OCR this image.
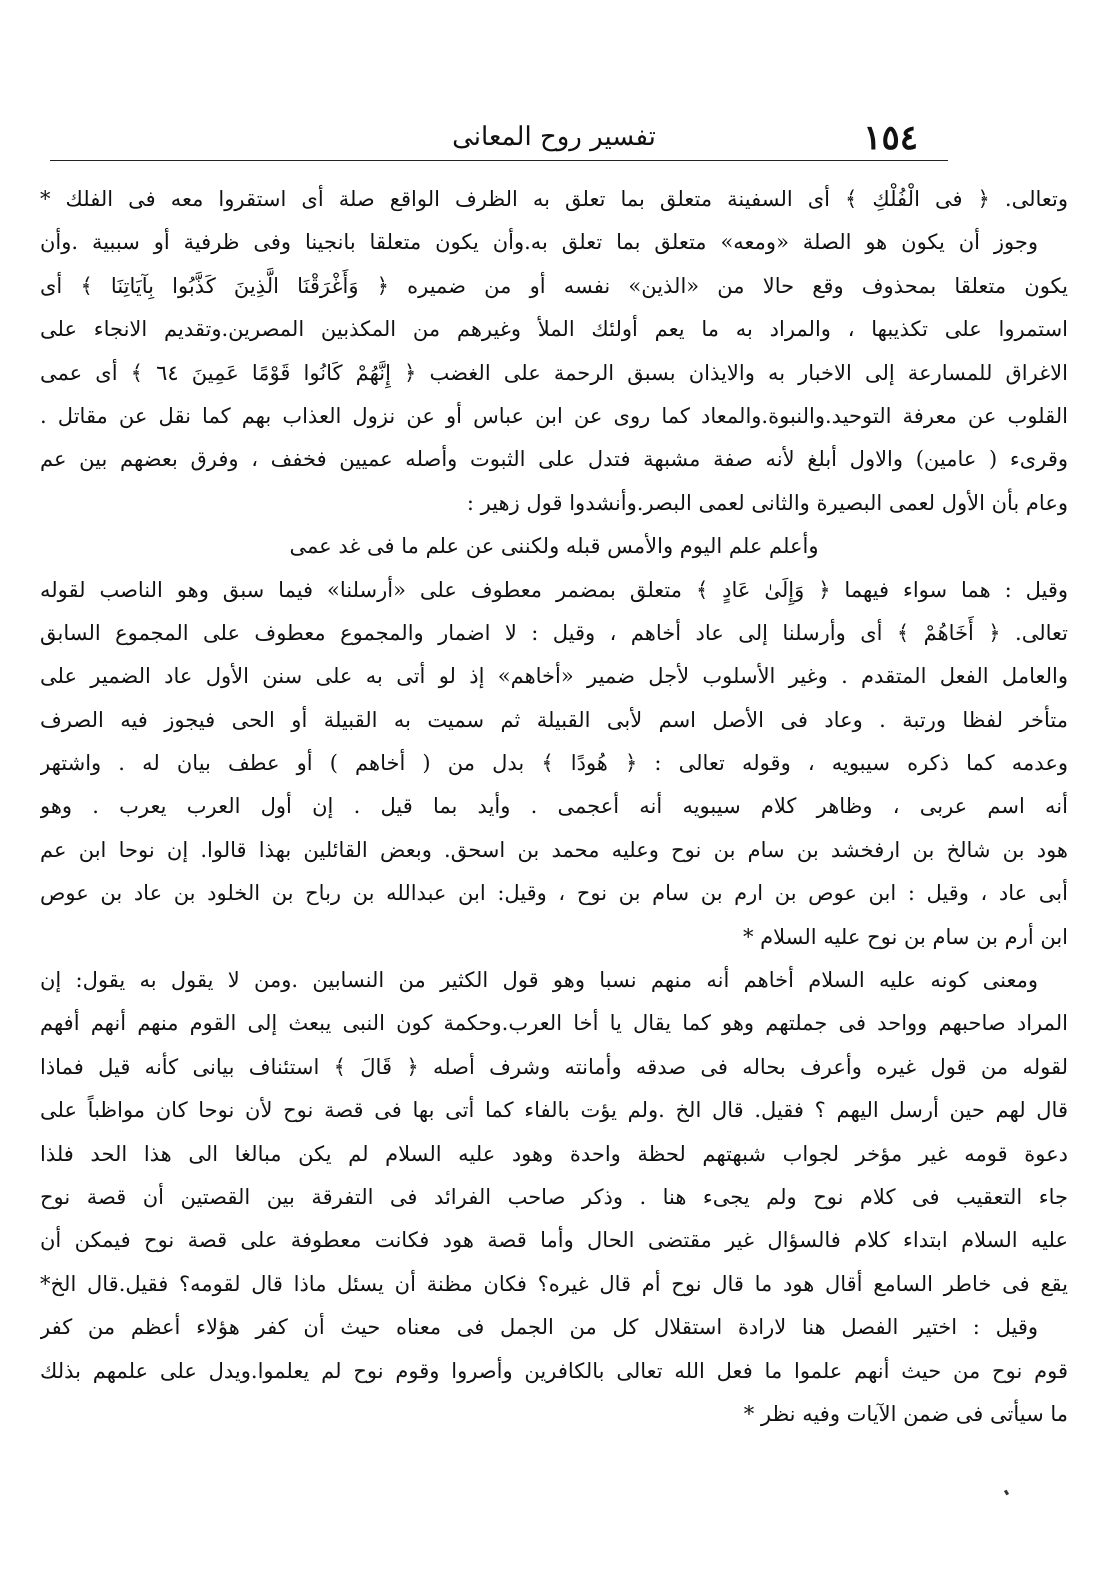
١٥٤
تفسير روح المعانى
وتعالى. ﴿ فى الْفُلْكِ ﴾ أى السفينة متعلق بما تعلق به الظرف الواقع صلة أى استقروا معه فى الفلك *
وجوز أن يكون هو الصلة «ومعه» متعلق بما تعلق به.وأن يكون متعلقا بانجينا وفى ظرفية أو سببية .وأن
يكون متعلقا بمحذوف وقع حالا من «الذين» نفسه أو من ضميره ﴿ وَأَغْرَقْنَا الَّذِينَ كَذَّبُوا بِآيَاتِنَا ﴾ أى
استمروا على تكذيبها ، والمراد به ما يعم أولئك الملأ وغيرهم من المكذبين المصرين.وتقديم الانجاء على
الاغراق للمسارعة إلى الاخبار به والايذان بسبق الرحمة على الغضب ﴿ إِنَّهُمْ كَانُوا قَوْمًا عَمِينَ ٦٤ ﴾ أى عمى
القلوب عن معرفة التوحيد.والنبوة.والمعاد كما روى عن ابن عباس أو عن نزول العذاب بهم كما نقل عن مقاتل .
وقرىء ( عامين) والاول أبلغ لأنه صفة مشبهة فتدل على الثبوت وأصله عميين فخفف ، وفرق بعضهم بين عم
وعام بأن الأول لعمى البصيرة والثانى لعمى البصر.وأنشدوا قول زهير :
وأعلم علم اليوم والأمس قبله ولكننى عن علم ما فى غد عمى
وقيل : هما سواء فيهما ﴿ وَإِلَىٰ عَادٍ ﴾ متعلق بمضمر معطوف على «أرسلنا» فيما سبق وهو الناصب لقوله
تعالى. ﴿ أَخَاهُمْ ﴾ أى وأرسلنا إلى عاد أخاهم ، وقيل : لا اضمار والمجموع معطوف على المجموع السابق
والعامل الفعل المتقدم . وغير الأسلوب لأجل ضمير «أخاهم» إذ لو أتى به على سنن الأول عاد الضمير على
متأخر لفظا ورتبة . وعاد فى الأصل اسم لأبى القبيلة ثم سميت به القبيلة أو الحى فيجوز فيه الصرف
وعدمه كما ذكره سيبويه ، وقوله تعالى : ﴿ هُودًا ﴾ بدل من ( أخاهم ) أو عطف بيان له . واشتهر
أنه اسم عربى ، وظاهر كلام سيبويه أنه أعجمى . وأيد بما قيل . إن أول العرب يعرب . وهو
هود بن شالخ بن ارفخشد بن سام بن نوح وعليه محمد بن اسحق. وبعض القائلين بهذا قالوا. إن نوحا ابن عم
أبى عاد ، وقيل : ابن عوص بن ارم بن سام بن نوح ، وقيل: ابن عبدالله بن رباح بن الخلود بن عاد بن عوص
ابن أرم بن سام بن نوح عليه السلام *
ومعنى كونه عليه السلام أخاهم أنه منهم نسبا وهو قول الكثير من النسابين .ومن لا يقول به يقول: إن
المراد صاحبهم وواحد فى جملتهم وهو كما يقال يا أخا العرب.وحكمة كون النبى يبعث إلى القوم منهم أنهم أفهم
لقوله من قول غيره وأعرف بحاله فى صدقه وأمانته وشرف أصله ﴿ قَالَ ﴾ استئناف بيانى كأنه قيل فماذا
قال لهم حين أرسل اليهم ؟ فقيل. قال الخ .ولم يؤت بالفاء كما أتى بها فى قصة نوح لأن نوحا كان مواظباً على
دعوة قومه غير مؤخر لجواب شبهتهم لحظة واحدة وهود عليه السلام لم يكن مبالغا الى هذا الحد فلذا
جاء التعقيب فى كلام نوح ولم يجىء هنا . وذكر صاحب الفرائد فى التفرقة بين القصتين أن قصة نوح
عليه السلام ابتداء كلام فالسؤال غير مقتضى الحال وأما قصة هود فكانت معطوفة على قصة نوح فيمكن أن
يقع فى خاطر السامع أقال هود ما قال نوح أم قال غيره؟ فكان مظنة أن يسئل ماذا قال لقومه؟ فقيل.قال الخ*
وقيل : اختير الفصل هنا لارادة استقلال كل من الجمل فى معناه حيث أن كفر هؤلاء أعظم من كفر
قوم نوح من حيث أنهم علموا ما فعل الله تعالى بالكافرين وأصروا وقوم نوح لم يعلموا.ويدل على علمهم بذلك
ما سيأتى فى ضمن الآيات وفيه نظر *
